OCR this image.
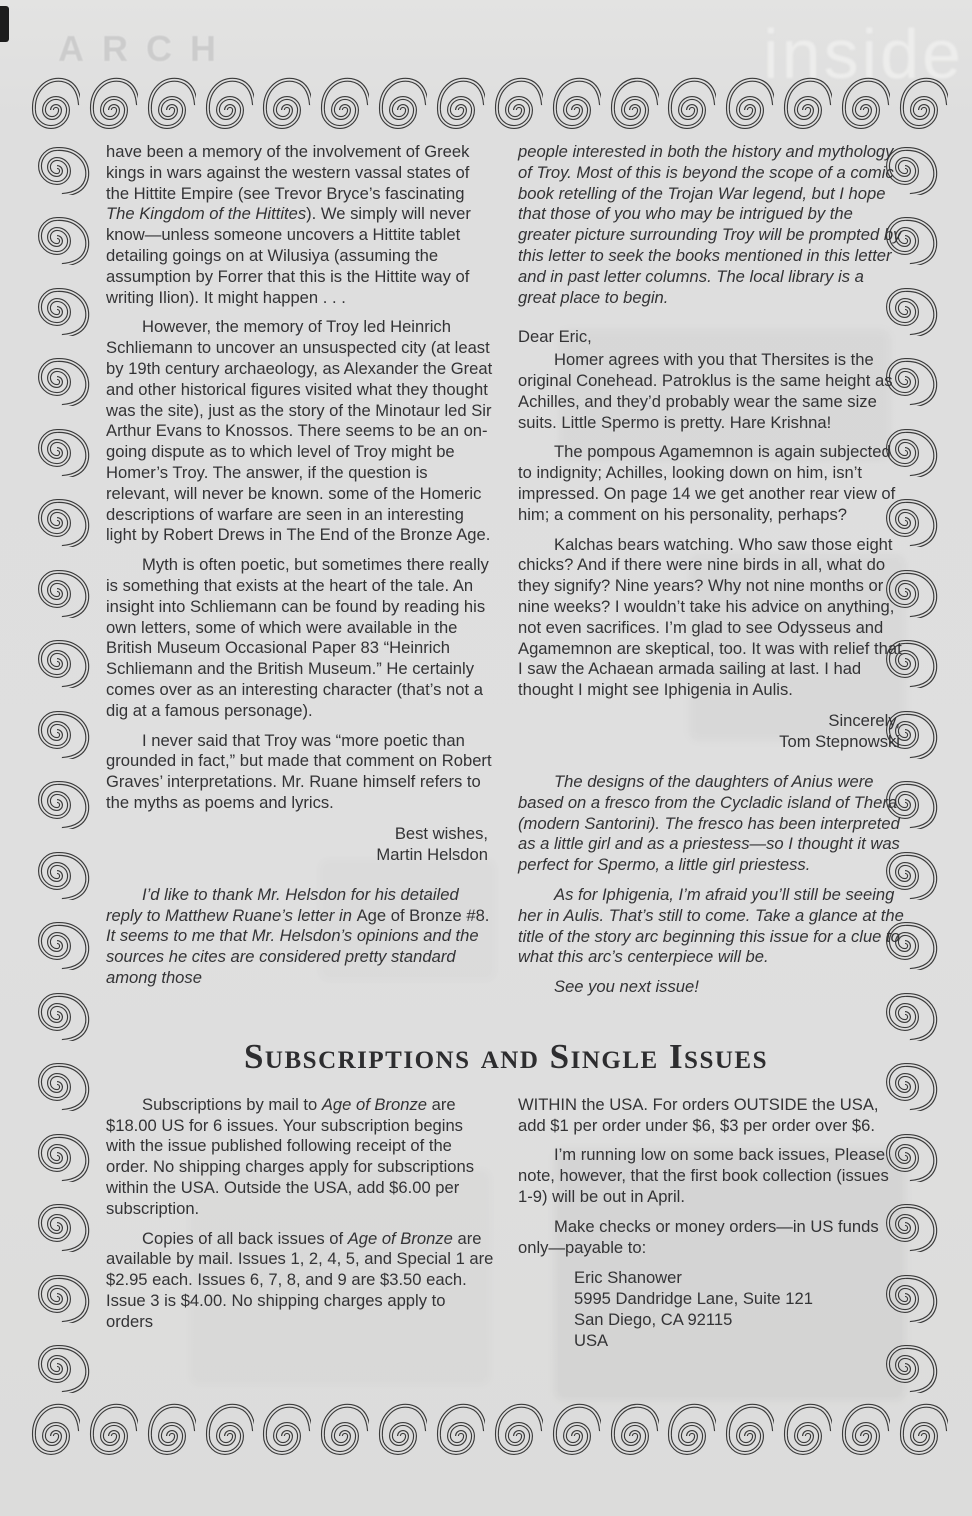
ARCH	inside

have been a memory of the involvement of Greek kings in wars against the western vassal states of the Hittite Empire (see Trevor Bryce’s fascinating The Kingdom of the Hittites). We simply will never know—unless someone uncovers a Hittite tablet detailing goings on at Wilusiya (assuming the assumption by Forrer that this is the Hittite way of writing Ilion). It might happen . . .

However, the memory of Troy led Heinrich Schliemann to uncover an unsuspected city (at least by 19th century archaeology, as Alexander the Great and other historical figures visited what they thought was the site), just as the story of the Minotaur led Sir Arthur Evans to Knossos. There seems to be an on-going dispute as to which level of Troy might be Homer’s Troy. The answer, if the question is relevant, will never be known. some of the Homeric descriptions of warfare are seen in an interesting light by Robert Drews in The End of the Bronze Age.

Myth is often poetic, but sometimes there really is something that exists at the heart of the tale. An insight into Schliemann can be found by reading his own letters, some of which were available in the British Museum Occasional Paper 83 “Heinrich Schliemann and the British Museum.” He certainly comes over as an interesting character (that’s not a dig at a famous personage).

I never said that Troy was “more poetic than grounded in fact,” but made that comment on Robert Graves’ interpretations. Mr. Ruane himself refers to the myths as poems and lyrics.

Best wishes,
Martin Helsdon

I’d like to thank Mr. Helsdon for his detailed reply to Matthew Ruane’s letter in Age of Bronze #8. It seems to me that Mr. Helsdon’s opinions and the sources he cites are considered pretty standard among those

people interested in both the history and mythology of Troy. Most of this is beyond the scope of a comic book retelling of the Trojan War legend, but I hope that those of you who may be intrigued by the greater picture surrounding Troy will be prompted by this letter to seek the books mentioned in this letter and in past letter columns. The local library is a great place to begin.

Dear Eric,

Homer agrees with you that Thersites is the original Conehead. Patroklus is the same height as Achilles, and they’d probably wear the same size suits. Little Spermo is pretty. Hare Krishna!

The pompous Agamemnon is again subjected to indignity; Achilles, looking down on him, isn’t impressed. On page 14 we get another rear view of him; a comment on his personality, perhaps?

Kalchas bears watching. Who saw those eight chicks? And if there were nine birds in all, what do they signify? Nine years? Why not nine months or nine weeks? I wouldn’t take his advice on anything, not even sacrifices. I’m glad to see Odysseus and Agamemnon are skeptical, too. It was with relief that I saw the Achaean armada sailing at last. I had thought I might see Iphigenia in Aulis.

Sincerely,
Tom Stepnowski

The designs of the daughters of Anius were based on a fresco from the Cycladic island of Thera (modern Santorini). The fresco has been interpreted as a little girl and as a priestess—so I thought it was perfect for Spermo, a little girl priestess.

As for Iphigenia, I’m afraid you’ll still be seeing her in Aulis. That’s still to come. Take a glance at the title of the story arc beginning this issue for a clue to what this arc’s centerpiece will be.

See you next issue!

Subscriptions and Single Issues

Subscriptions by mail to Age of Bronze are $18.00 US for 6 issues. Your subscription begins with the issue published following receipt of the order. No shipping charges apply for subscriptions within the USA. Outside the USA, add $6.00 per subscription.

Copies of all back issues of Age of Bronze are available by mail. Issues 1, 2, 4, 5, and Special 1 are $2.95 each. Issues 6, 7, 8, and 9 are $3.50 each. Issue 3 is $4.00. No shipping charges apply to orders

WITHIN the USA. For orders OUTSIDE the USA, add $1 per order under $6, $3 per order over $6.

I’m running low on some back issues, Please note, however, that the first book collection (issues 1-9) will be out in April.

Make checks or money orders—in US funds only—payable to:

Eric Shanower
5995 Dandridge Lane, Suite 121
San Diego, CA 92115
USA
